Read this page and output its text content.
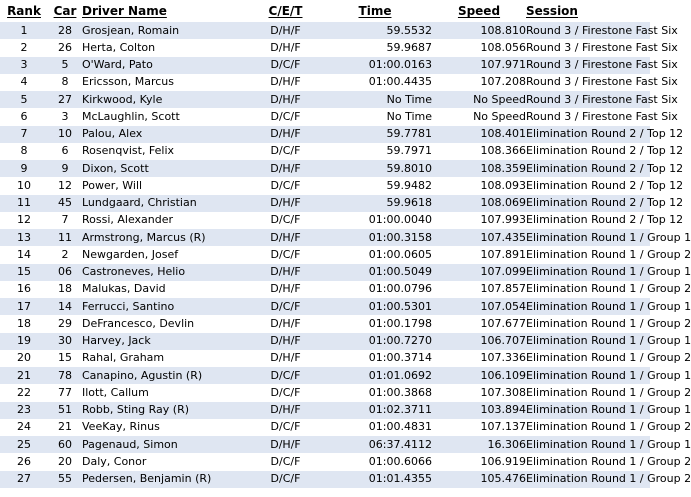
Rank	Car	Driver Name	C/E/T	Time	Speed	Session
1	28	Grosjean, Romain	D/H/F	59.5532	108.810	Round 3 / Firestone Fast Six
2	26	Herta, Colton	D/H/F	59.9687	108.056	Round 3 / Firestone Fast Six
3	5	O'Ward, Pato	D/C/F	01:00.0163	107.971	Round 3 / Firestone Fast Six
4	8	Ericsson, Marcus	D/H/F	01:00.4435	107.208	Round 3 / Firestone Fast Six
5	27	Kirkwood, Kyle	D/H/F	No Time	No Speed	Round 3 / Firestone Fast Six
6	3	McLaughlin, Scott	D/C/F	No Time	No Speed	Round 3 / Firestone Fast Six
7	10	Palou, Alex	D/H/F	59.7781	108.401	Elimination Round 2 / Top 12
8	6	Rosenqvist, Felix	D/C/F	59.7971	108.366	Elimination Round 2 / Top 12
9	9	Dixon, Scott	D/H/F	59.8010	108.359	Elimination Round 2 / Top 12
10	12	Power, Will	D/C/F	59.9482	108.093	Elimination Round 2 / Top 12
11	45	Lundgaard, Christian	D/H/F	59.9618	108.069	Elimination Round 2 / Top 12
12	7	Rossi, Alexander	D/C/F	01:00.0040	107.993	Elimination Round 2 / Top 12
13	11	Armstrong, Marcus (R)	D/H/F	01:00.3158	107.435	Elimination Round 1 / Group 1
14	2	Newgarden, Josef	D/C/F	01:00.0605	107.891	Elimination Round 1 / Group 2
15	06	Castroneves, Helio	D/H/F	01:00.5049	107.099	Elimination Round 1 / Group 1
16	18	Malukas, David	D/H/F	01:00.0796	107.857	Elimination Round 1 / Group 2
17	14	Ferrucci, Santino	D/C/F	01:00.5301	107.054	Elimination Round 1 / Group 1
18	29	DeFrancesco, Devlin	D/H/F	01:00.1798	107.677	Elimination Round 1 / Group 2
19	30	Harvey, Jack	D/H/F	01:00.7270	106.707	Elimination Round 1 / Group 1
20	15	Rahal, Graham	D/H/F	01:00.3714	107.336	Elimination Round 1 / Group 2
21	78	Canapino, Agustin (R)	D/C/F	01:01.0692	106.109	Elimination Round 1 / Group 1
22	77	Ilott, Callum	D/C/F	01:00.3868	107.308	Elimination Round 1 / Group 2
23	51	Robb, Sting Ray (R)	D/H/F	01:02.3711	103.894	Elimination Round 1 / Group 1
24	21	VeeKay, Rinus	D/C/F	01:00.4831	107.137	Elimination Round 1 / Group 2
25	60	Pagenaud, Simon	D/H/F	06:37.4112	16.306	Elimination Round 1 / Group 1
26	20	Daly, Conor	D/C/F	01:00.6066	106.919	Elimination Round 1 / Group 2
27	55	Pedersen, Benjamin (R)	D/C/F	01:01.4355	105.476	Elimination Round 1 / Group 2
